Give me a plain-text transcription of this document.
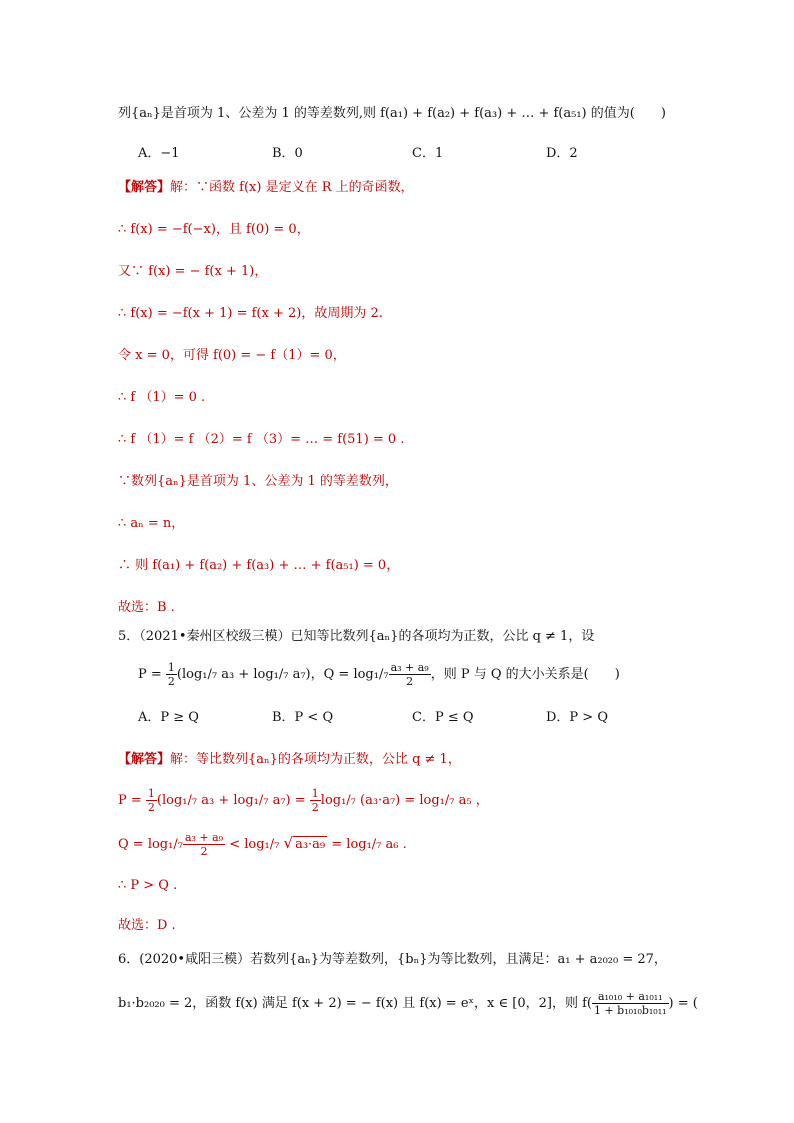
列{aₙ}是首项为 1、公差为 1 的等差数列,则 f(a₁) + f(a₂) + f(a₃) + … + f(a₅₁) 的值为(　　)
A．−1	B．0	C．1	D．2
【解答】解：∵函数 f(x) 是定义在 R 上的奇函数，
∴ f(x) = −f(−x)，且 f(0) = 0，
又∵ f(x) = − f(x + 1)，
∴ f(x) = −f(x + 1) = f(x + 2)，故周期为 2.
令 x = 0，可得 f(0) = − f（1）= 0，
∴ f （1）= 0 .
∴ f （1）= f （2）= f （3）= … = f(51) = 0 .
∵数列{aₙ}是首项为 1、公差为 1 的等差数列，
∴ aₙ = n，
∴ 则 f(a₁) + f(a₂) + f(a₃) + … + f(a₅₁) = 0，
故选：B .
5．（2021•秦州区校级三模）已知等比数列{aₙ}的各项均为正数，公比 q ≠ 1，设
$P = \frac{1}{2} (\log_1/_7$ a₃ + log₁/₇ a₇)，$Q = \log_1/_7 \frac{\text{a₃ + a₉}}{2}$ ，则 P 与 Q 的大小关系是(　　)
A．P ≥ Q	B．P < Q	C．P ≤ Q	D．P > Q
【解答】解：等比数列{aₙ}的各项均为正数，公比 q ≠ 1，
$P = \frac{1}{2} (\log_1/_7$ a₃ + log₁/₇ $a_7) = \frac{1}{2} \log_1/_7$ (a₃·a₇) = log₁/₇ a₅ ，
$Q = \log_1/_7 \frac{\text{a₃ + a₉}}{2} < \log_1/_7$ √ a₃·a₉ = log₁/₇ a₆ .
∴ P > Q .
故选：D .
6．(2020•咸阳三模）若数列{aₙ}为等差数列，{bₙ}为等比数列，且满足：a₁ + a₂₀₂₀ = 27，
b₁·b₂₀₂₀ = 2，函数 f(x) 满足 f(x + 2) = − f(x) 且 f(x) = eˣ，x ∈ [0，2]，则 $f( \frac{\text{a₁₀₁₀ + a₁₀₁₁}}{\text{1 + b₁₀₁₀b₁₀₁₁}}$ ) = (
